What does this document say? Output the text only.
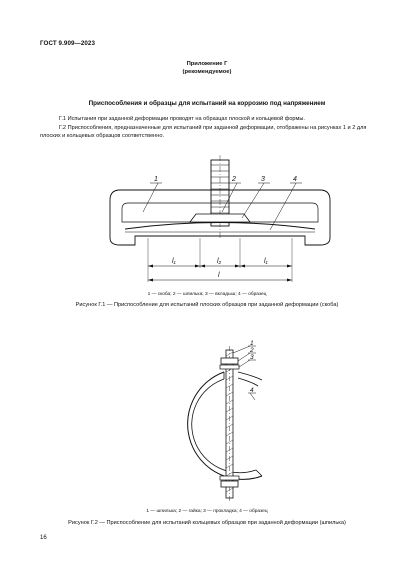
ГОСТ 9.909—2023
Приложение Г
(рекомендуемое)
Приспособления и образцы для испытаний на коррозию под напряжением
Г.1 Испытания при заданной деформации проводят на образцах плоской и кольцевой формы.
Г.2 Приспособления, предназначенные для испытаний при заданной деформации, отображены на рисунках 1 и 2 для плоских и кольцевых образцов соответственно.
1	2	3	4
l₁	l₂	l₁
l
1
2
3
4
1 — скоба; 2 — шпилька; 3 — вкладыш; 4 — образец
Рисунок Г.1 — Приспособление для испытаний плоских образцов при заданной деформации (скоба)
1 — шпилька; 2 — гайка; 3 — прокладка; 4 — образец
Рисунок Г.2 — Приспособление для испытаний кольцевых образцов при заданной деформации (шпилька)
16
